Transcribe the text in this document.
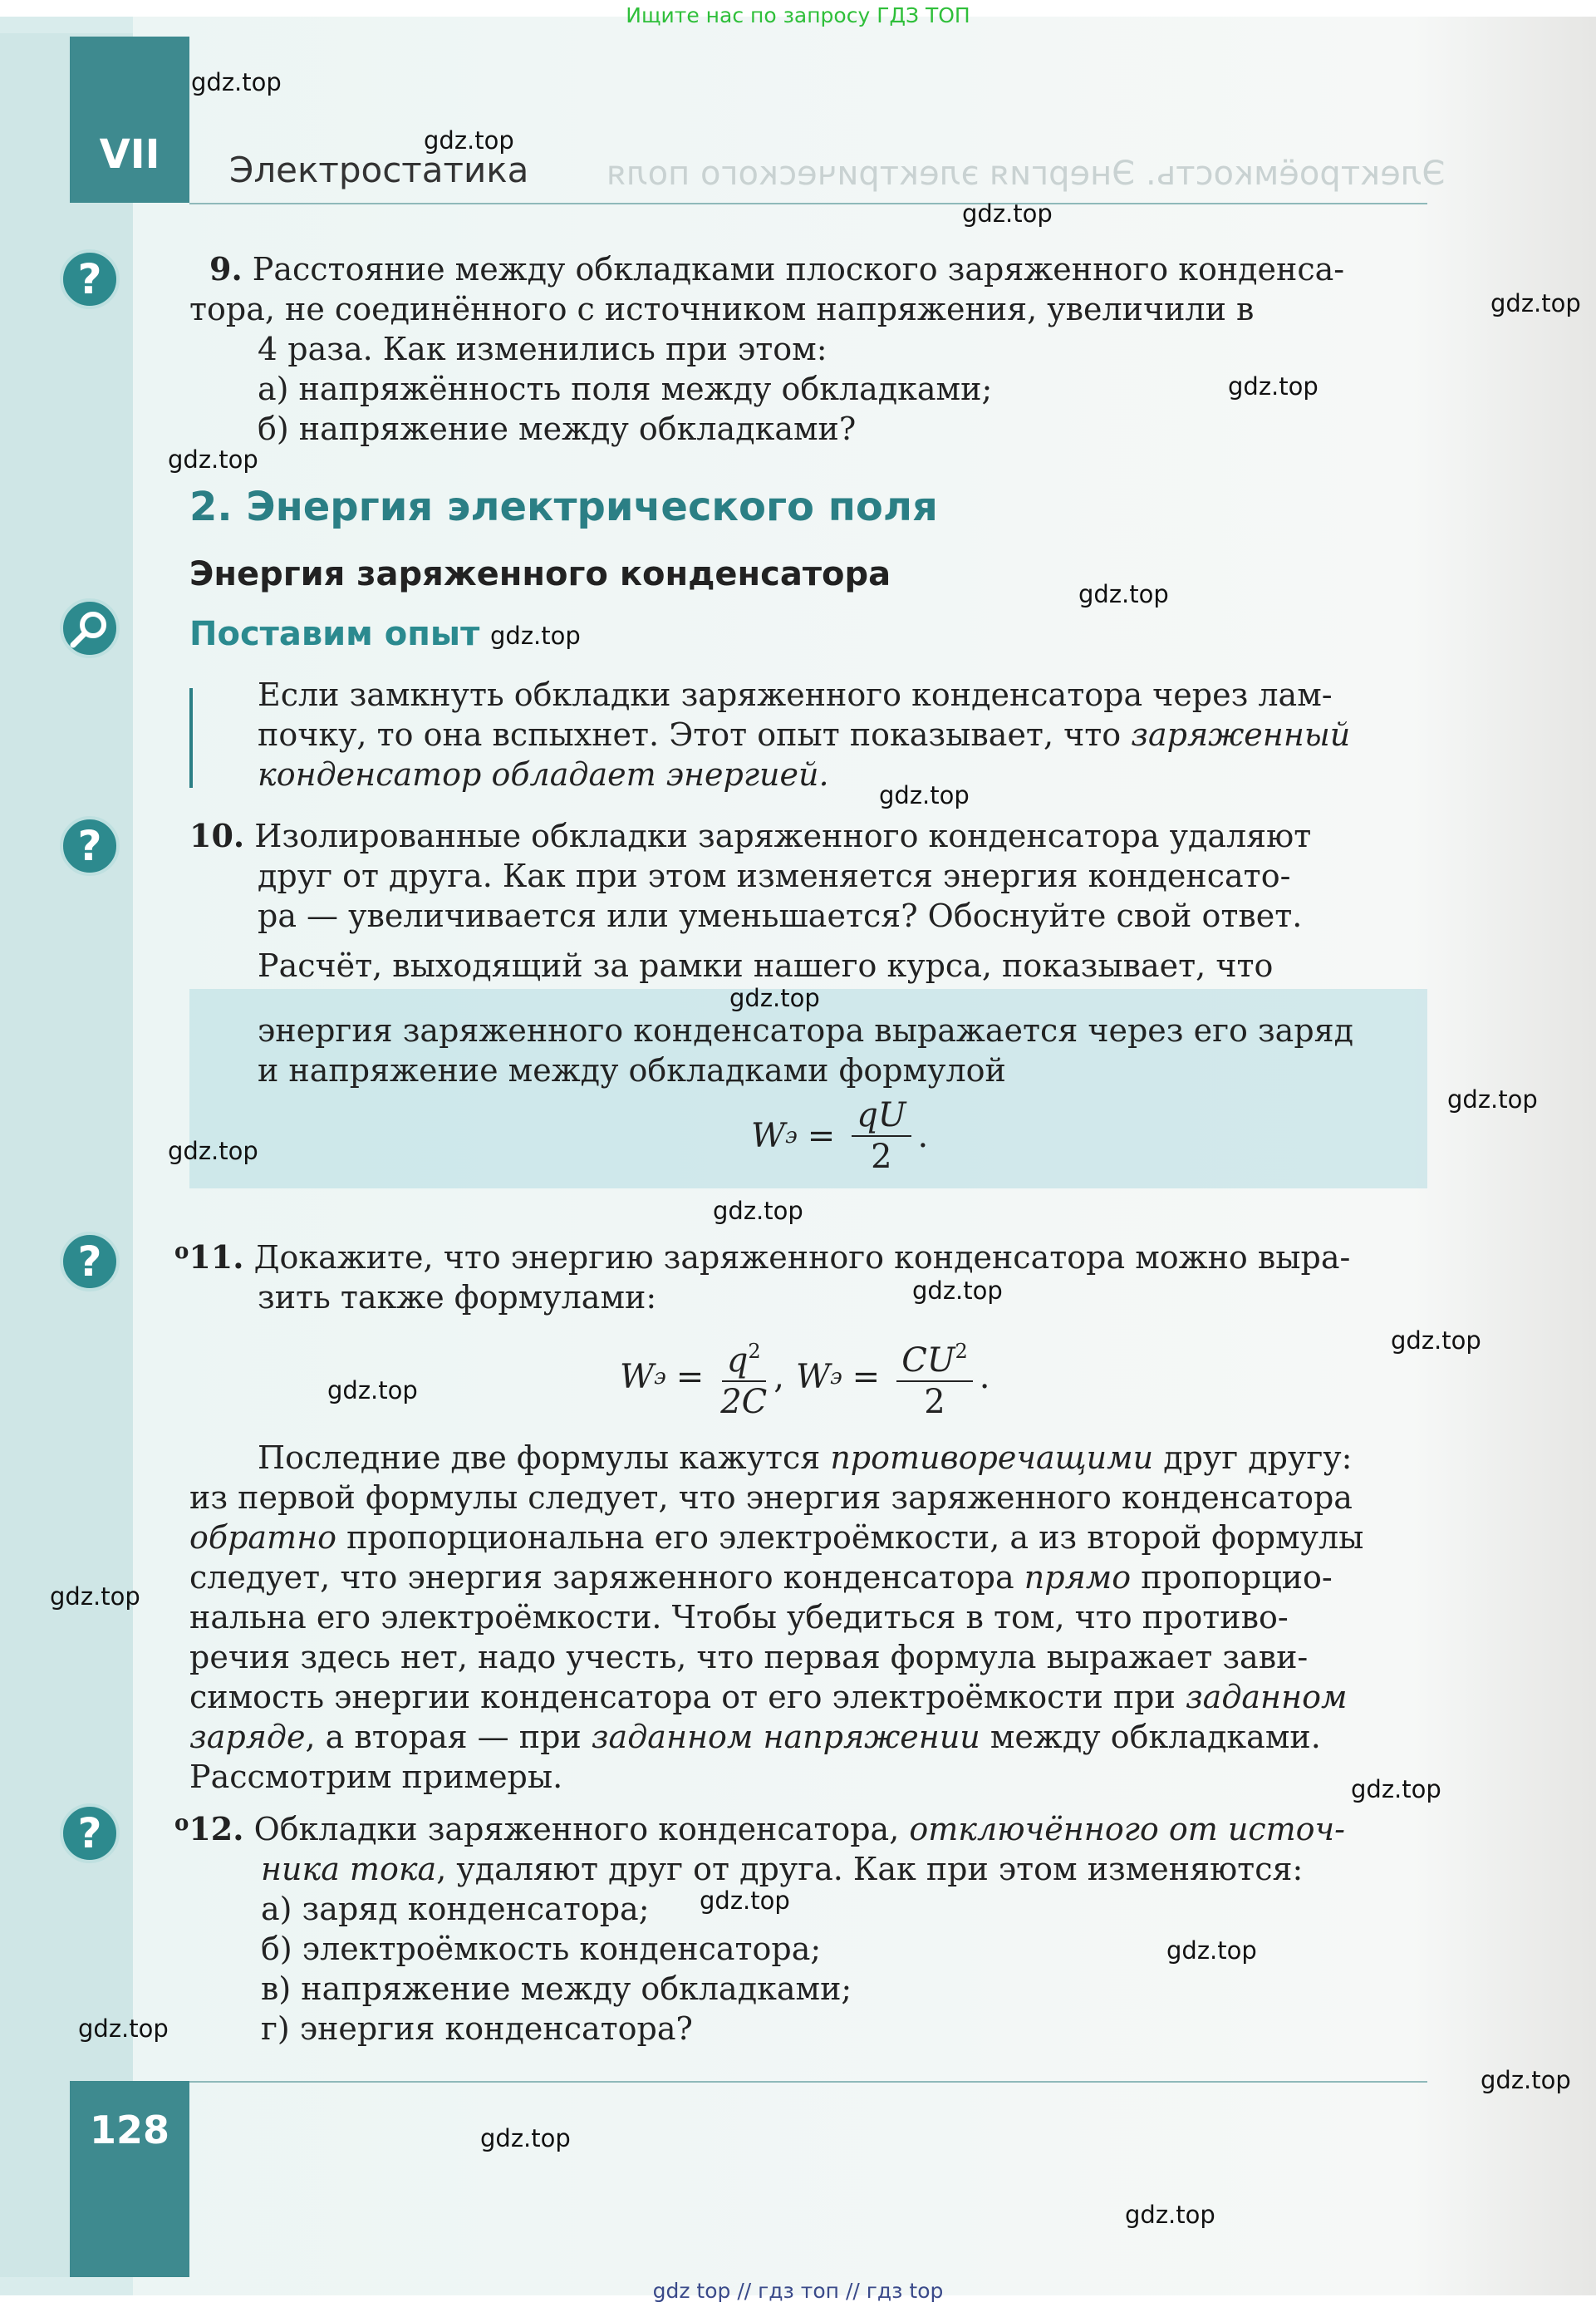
Ищите нас по запросу ГДЗ ТОП
VII Электростатика Электроёмкость. Энергия электрического поля
?	9. Расстояние между обкладками плоского заряженного конденса-
тора, не соединённого с источником напряжения, увеличили в
4 раза. Как изменились при этом:
а) напряжённость поля между обкладками;
б) напряжение между обкладками?
2. Энергия электрического поля
Энергия заряженного конденсатора
Поставим опыт
Если замкнуть обкладки заряженного конденсатора через лам-
почку, то она вспыхнет. Этот опыт показывает, что заряженный
конденсатор обладает энергией.
?	10. Изолированные обкладки заряженного конденсатора удаляют
друг от друга. Как при этом изменяется энергия конденсато-
ра — увеличивается или уменьшается? Обоснуйте свой ответ.
Расчёт, выходящий за рамки нашего курса, показывает, что
энергия заряженного конденсатора выражается через его заряд
и напряжение между обкладками формулой
W $э = \frac{qU}{2}$ .
?	$^о$11. Докажите, что энергию заряженного конденсатора можно выра-
зить также формулами:
W $э = \frac{q^2}{2C}$ , W $э = \frac{CU^2}{2}$ .
Последние две формулы кажутся противоречащими друг другу:
из первой формулы следует, что энергия заряженного конденсатора
обратно пропорциональна его электроёмкости, а из второй формулы
следует, что энергия заряженного конденсатора прямо пропорцио-
нальна его электроёмкости. Чтобы убедиться в том, что противо-
речия здесь нет, надо учесть, что первая формула выражает зави-
симость энергии конденсатора от его электроёмкости при заданном
заряде, а вторая — при заданном напряжении между обкладками.
Рассмотрим примеры.
?	$^о$12. Обкладки заряженного конденсатора, отключённого от источ-
ника тока, удаляют друг от друга. Как при этом изменяются:
а) заряд конденсатора;
б) электроёмкость конденсатора;
в) напряжение между обкладками;
г) энергия конденсатора?
128
gdz.top
gdz.top
gdz.top
gdz.top
gdz.top
gdz.top
gdz.top
gdz.top
gdz.top
gdz.top
gdz.top
gdz.top
gdz.top
gdz.top
gdz.top
gdz.top
gdz.top
gdz.top
gdz.top
gdz.top
gdz.top
gdz.top
gdz.top
gdz.top
gdz top // гдз топ // гдз top
